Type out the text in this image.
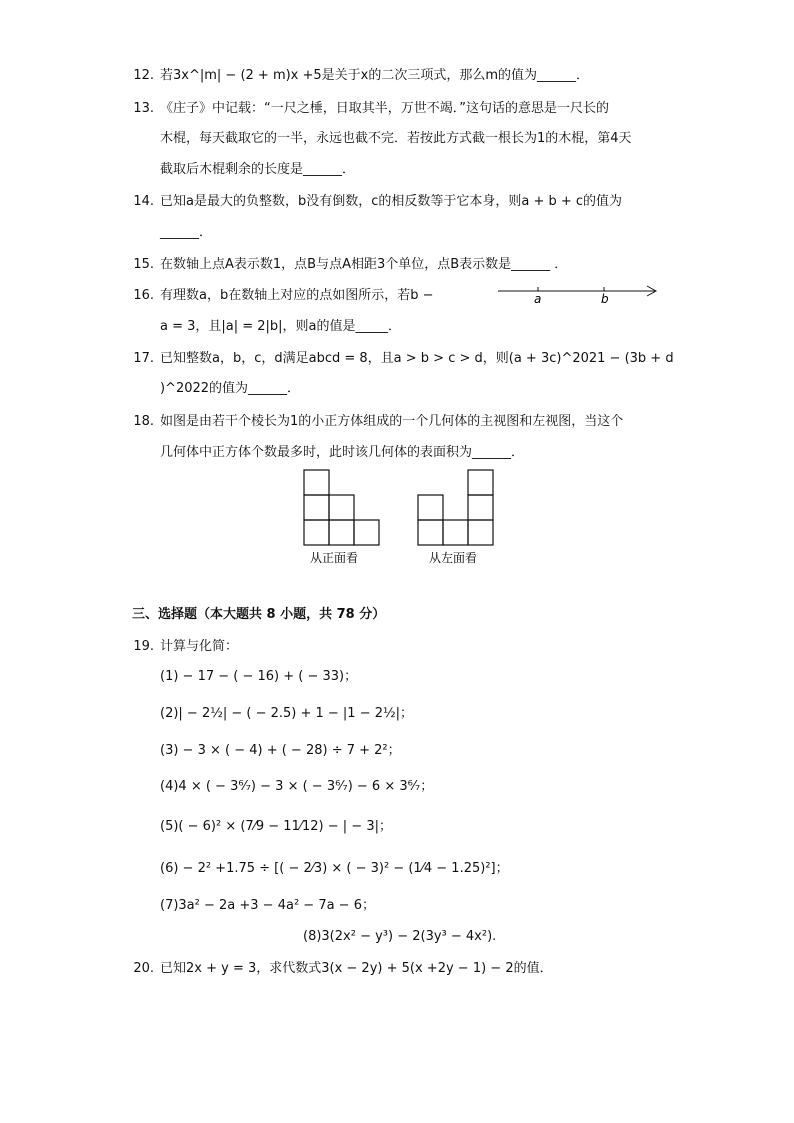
12. 若3x^|m| − (2 + m)x +5是关于x的二次三项式，那么m的值为______．
13. 《庄子》中记载：“一尺之棰，日取其半，万世不竭．”这句话的意思是一尺长的
木棍，每天截取它的一半，永远也截不完．若按此方式截一根长为1的木棍，第4天
截取后木棍剩余的长度是______．
14. 已知a是最大的负整数，b没有倒数，c的相反数等于它本身，则a + b + c的值为
______．
15. 在数轴上点A表示数1，点B与点A相距3个单位，点B表示数是______ ．
16. 有理数a，b在数轴上对应的点如图所示，若b −
a = 3，且|a| = 2|b|，则a的值是_____．
a	b
17. 已知整数a，b，c，d满足abcd = 8，且a > b > c > d，则(a + 3c)^2021 − (3b + d
)^2022的值为______．
18. 如图是由若干个棱长为1的小正方体组成的一个几何体的主视图和左视图，当这个
几何体中正方体个数最多时，此时该几何体的表面积为______．
从正面看	从左面看
三、选择题（本大题共 8 小题，共 78 分）
19. 计算与化简：
(1) − 17 − ( − 16) + ( − 33)；
(2)| − 2½| − ( − 2.5) + 1 − |1 − 2½|；
(3) − 3 × ( − 4) + ( − 28) ÷ 7 + 2²；
(4)4 × ( − 3⁶⁄₇) − 3 × ( − 3⁶⁄₇) − 6 × 3⁶⁄₇；
(5)( − 6)² × (7⁄9 − 11⁄12) − | − 3|；
(6) − 2² +1.75 ÷ [( − 2⁄3) × ( − 3)² − (1⁄4 − 1.25)²]；
(7)3a² − 2a +3 − 4a² − 7a − 6；
(8)3(2x² − y³) − 2(3y³ − 4x²).
20. 已知2x + y = 3，求代数式3(x − 2y) + 5(x +2y − 1) − 2的值．
